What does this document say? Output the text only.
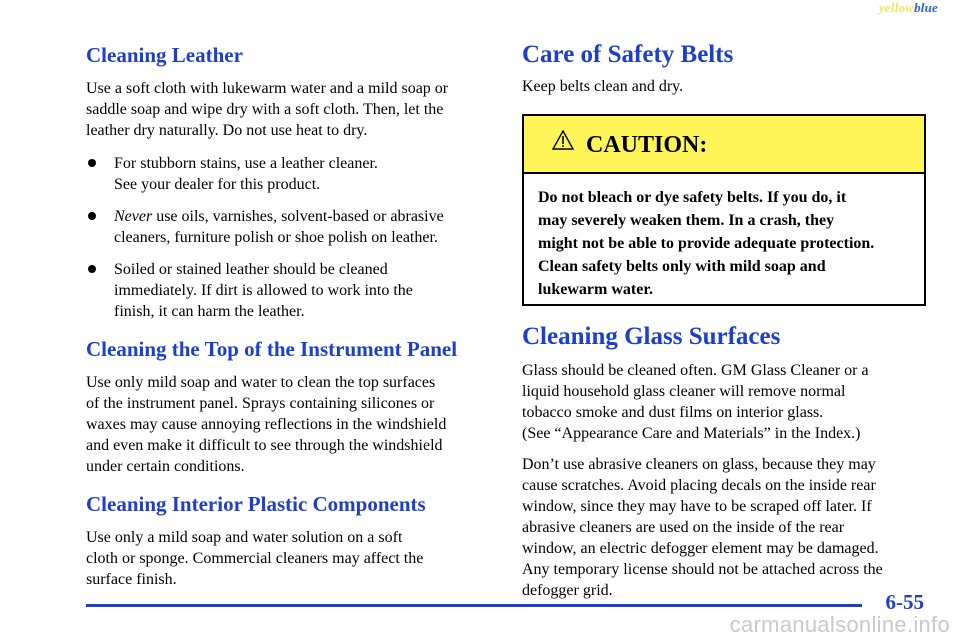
yellowblue
Cleaning Leather

Use a soft cloth with lukewarm water and a mild soap or
saddle soap and wipe dry with a soft cloth. Then, let the
leather dry naturally. Do not use heat to dry.

For stubborn stains, use a leather cleaner.
See your dealer for this product.
Never use oils, varnishes, solvent-based or abrasive
cleaners, furniture polish or shoe polish on leather.
Soiled or stained leather should be cleaned
immediately. If dirt is allowed to work into the
finish, it can harm the leather.
Cleaning the Top of the Instrument Panel

Use only mild soap and water to clean the top surfaces
of the instrument panel. Sprays containing silicones or
waxes may cause annoying reflections in the windshield
and even make it difficult to see through the windshield
under certain conditions.

Cleaning Interior Plastic Components

Use only a mild soap and water solution on a soft
cloth or sponge. Commercial cleaners may affect the
surface finish.

Care of Safety Belts

Keep belts clean and dry.

CAUTION:

Do not bleach or dye safety belts. If you do, it
may severely weaken them. In a crash, they
might not be able to provide adequate protection.
Clean safety belts only with mild soap and
lukewarm water.

Cleaning Glass Surfaces

Glass should be cleaned often. GM Glass Cleaner or a
liquid household glass cleaner will remove normal
tobacco smoke and dust films on interior glass.
(See “Appearance Care and Materials” in the Index.)

Don’t use abrasive cleaners on glass, because they may
cause scratches. Avoid placing decals on the inside rear
window, since they may have to be scraped off later. If
abrasive cleaners are used on the inside of the rear
window, an electric defogger element may be damaged.
Any temporary license should not be attached across the
defogger grid.	6-55
carmanualsonline.info
